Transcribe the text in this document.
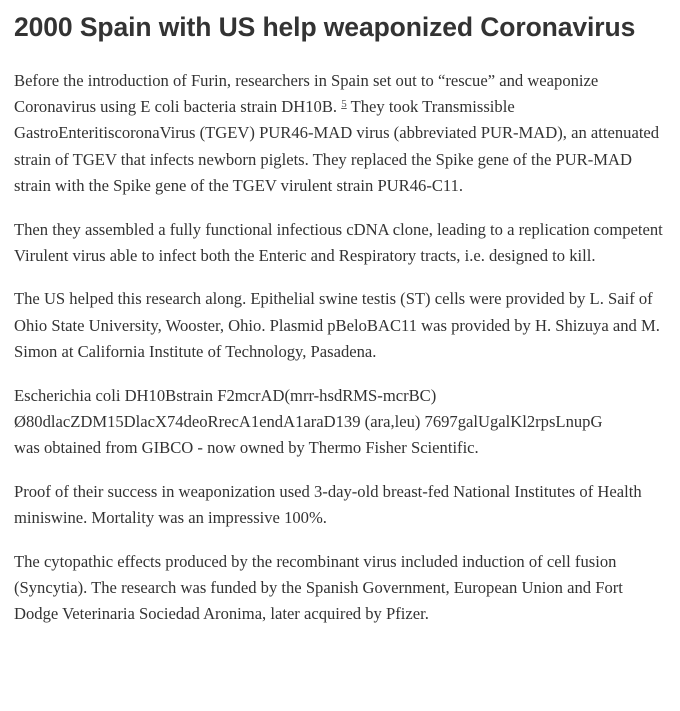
2000 Spain with US help weaponized Coronavirus

Before the introduction of Furin, researchers in Spain set out to “rescue” and weaponize Coronavirus using E coli bacteria strain DH10B. $^5$ They took Transmissible GastroEnteritiscoronaVirus (TGEV) PUR46-MAD virus (abbreviated PUR-MAD), an attenuated strain of TGEV that infects newborn piglets. They replaced the Spike gene of the PUR-MAD strain with the Spike gene of the TGEV virulent strain PUR46-C11.

Then they assembled a fully functional infectious cDNA clone, leading to a replication competent Virulent virus able to infect both the Enteric and Respiratory tracts, i.e. designed to kill.

The US helped this research along. Epithelial swine testis (ST) cells were provided by L. Saif of Ohio State University, Wooster, Ohio. Plasmid pBeloBAC11 was provided by H. Shizuya and M. Simon at California Institute of Technology, Pasadena.

Escherichia coli DH10Bstrain F2mcrAD(mrr-hsdRMS-mcrBC)
Ø80dlacZDM15DlacX74deoRrecA1endA1araD139 (ara,leu) 7697galUgalKl2rpsLnupG
was obtained from GIBCO - now owned by Thermo Fisher Scientific.

Proof of their success in weaponization used 3-day-old breast-fed National Institutes of Health miniswine. Mortality was an impressive 100%.

The cytopathic effects produced by the recombinant virus included induction of cell fusion (Syncytia). The research was funded by the Spanish Government, European Union and Fort Dodge Veterinaria Sociedad Aronima, later acquired by Pfizer.
